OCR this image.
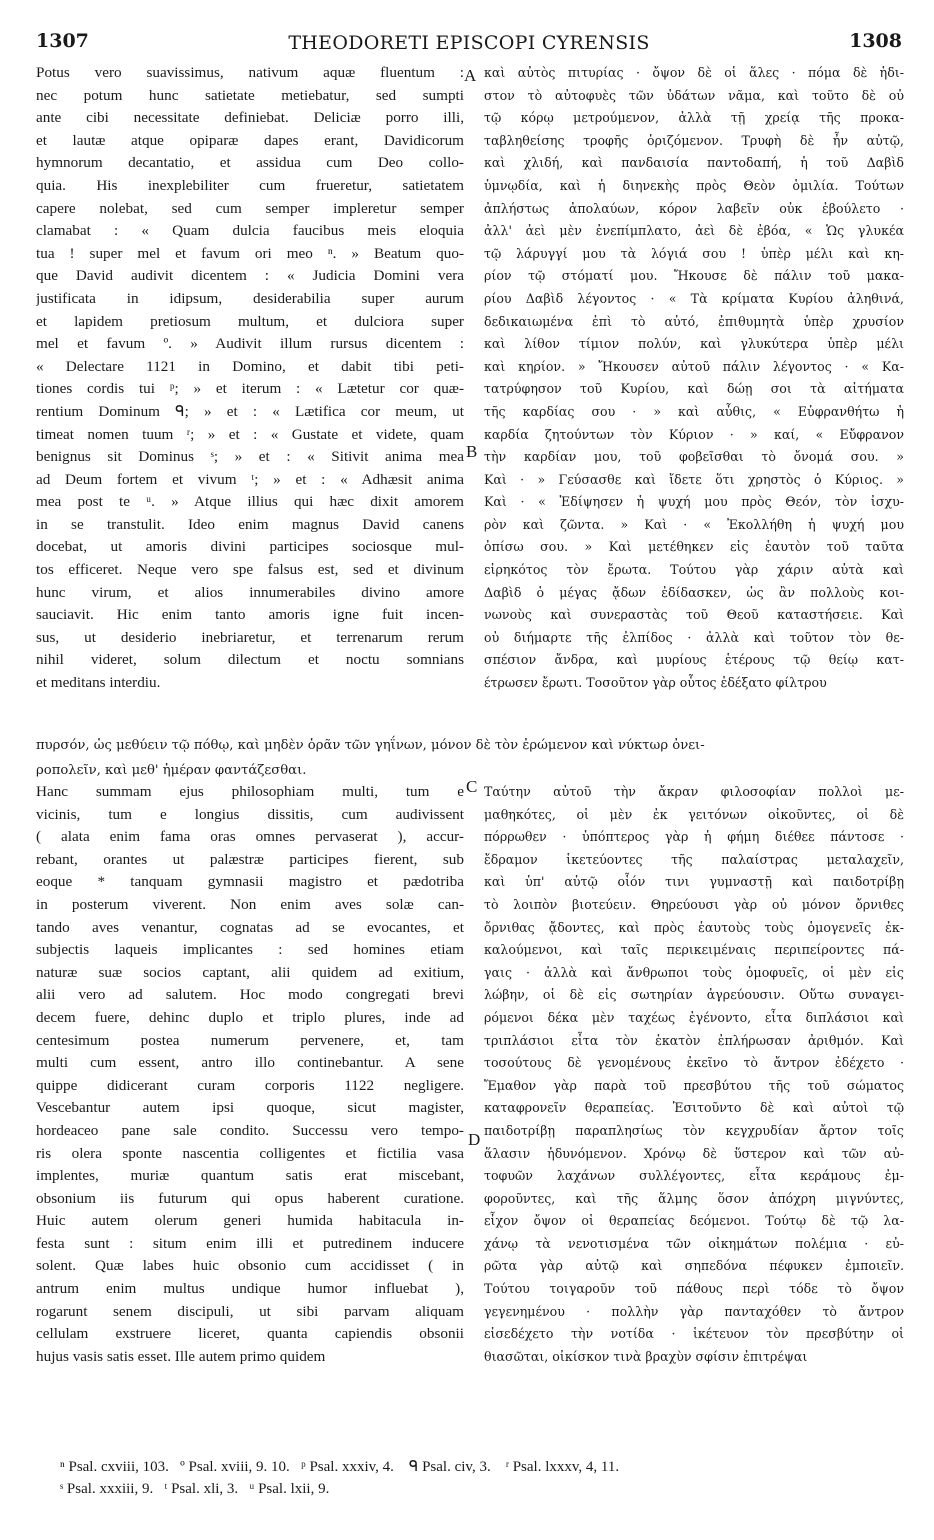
1307	THEODORETI EPISCOPI CYRENSIS	1308
Potus vero suavissimus, nativum aquæ fluentum :
nec potum hunc satietate metiebatur, sed sumpti
ante cibi necessitate definiebat. Deliciæ porro illi,
et lautæ atque opiparæ dapes erant, Davidicorum
hymnorum decantatio, et assidua cum Deo collo-
quia. His inexplebiliter cum frueretur, satietatem
capere nolebat, sed cum semper impleretur semper
clamabat : « Quam dulcia faucibus meis eloquia
tua ! super mel et favum ori meo ⁿ. » Beatum quo-
que David audivit dicentem : « Judicia Domini vera
justificata in idipsum, desiderabilia super aurum
et lapidem pretiosum multum, et dulciora super
mel et favum º. » Audivit illum rursus dicentem :
« Delectare 1121 in Domino, et dabit tibi peti-
tiones cordis tui ᵖ; » et iterum : « Lætetur cor quæ-
rentium Dominum ᑫ; » et : « Lætifica cor meum, ut
timeat nomen tuum ʳ; » et : « Gustate et videte, quam
benignus sit Dominus ˢ; » et : « Sitivit anima mea
ad Deum fortem et vivum ᵗ; » et : « Adhæsit anima
mea post te ᵘ. » Atque illius qui hæc dixit amorem
in se transtulit. Ideo enim magnus David canens
docebat, ut amoris divini participes sociosque mul-
tos efficeret. Neque vero spe falsus est, sed et divinum
hunc virum, et alios innumerabiles divino amore
sauciavit. Hic enim tanto amoris igne fuit incen-
sus, ut desiderio inebriaretur, et terrenarum rerum
nihil videret, solum dilectum et noctu somnians
et meditans interdiu.
καὶ αὐτὸς πιτυρίας · ὄψον δὲ οἱ ἅλες · πόμα δὲ ἡδι-
στον τὸ αὐτοφυὲς τῶν ὑδάτων νᾶμα, καὶ τοῦτο δὲ οὐ
τῷ κόρῳ μετρούμενον, ἀλλὰ τῇ χρείᾳ τῆς προκα-
ταβληθείσης τροφῆς ὁριζόμενον. Τρυφὴ δὲ ἦν αὐτῷ,
καὶ χλιδή, καὶ πανδαισία παντοδαπή, ἡ τοῦ Δαβὶδ
ὑμνῳδία, καὶ ἡ διηνεκὴς πρὸς Θεὸν ὁμιλία. Τούτων
ἀπλήστως ἀπολαύων, κόρον λαβεῖν οὐκ ἐβούλετο ·
ἀλλ' ἀεὶ μὲν ἐνεπίμπλατο, ἀεὶ δὲ ἐβόα, « Ὡς γλυκέα
τῷ λάρυγγί μου τὰ λόγιά σου ! ὑπὲρ μέλι καὶ κη-
ρίον τῷ στόματί μου. Ἤκουσε δὲ πάλιν τοῦ μακα-
ρίου Δαβὶδ λέγοντος · « Τὰ κρίματα Κυρίου ἀληθινά,
δεδικαιωμένα ἐπὶ τὸ αὐτό, ἐπιθυμητὰ ὑπὲρ χρυσίον
καὶ λίθον τίμιον πολύν, καὶ γλυκύτερα ὑπὲρ μέλι
καὶ κηρίον. » Ἤκουσεν αὐτοῦ πάλιν λέγοντος · « Κα-
τατρύφησον τοῦ Κυρίου, καὶ δώῃ σοι τὰ αἰτήματα
τῆς καρδίας σου · » καὶ αὖθις, « Εὐφρανθήτω ἡ
καρδία ζητούντων τὸν Κύριον · » καί, « Εὔφρανον
τὴν καρδίαν μου, τοῦ φοβεῖσθαι τὸ ὄνομά σου. »
Καὶ · » Γεύσασθε καὶ ἴδετε ὅτι χρηστὸς ὁ Κύριος. »
Καὶ · « Ἐδίψησεν ἡ ψυχή μου πρὸς Θεόν, τὸν ἰσχυ-
ρὸν καὶ ζῶντα. » Καὶ · « Ἐκολλήθη ἡ ψυχή μου
ὀπίσω σου. » Καὶ μετέθηκεν εἰς ἑαυτὸν τοῦ ταῦτα
εἰρηκότος τὸν ἔρωτα. Τούτου γὰρ χάριν αὐτὰ καὶ
Δαβὶδ ὁ μέγας ᾄδων ἐδίδασκεν, ὡς ἂν πολλοὺς κοι-
νωνοὺς καὶ συνεραστὰς τοῦ Θεοῦ καταστήσειε. Καὶ
οὐ διήμαρτε τῆς ἐλπίδος · ἀλλὰ καὶ τοῦτον τὸν θε-
σπέσιον ἄνδρα, καὶ μυρίους ἑτέρους τῷ θείῳ κατ-
έτρωσεν ἔρωτι. Τοσοῦτον γὰρ οὗτος ἐδέξατο φίλτρου
A
B
C
D
πυρσόν, ὡς μεθύειν τῷ πόθῳ, καὶ μηδὲν ὁρᾶν τῶν γηΐνων, μόνον δὲ τὸν ἐρώμενον καὶ νύκτωρ ὀνει-
ροπολεῖν, καὶ μεθ' ἡμέραν φαντάζεσθαι.
Hanc summam ejus philosophiam multi, tum e
vicinis, tum e longius dissitis, cum audivissent
( alata enim fama oras omnes pervaserat ), accur-
rebant, orantes ut palæstræ participes fierent, sub
eoque * tanquam gymnasii magistro et pædotriba
in posterum viverent. Non enim aves solæ can-
tando aves venantur, cognatas ad se evocantes, et
subjectis laqueis implicantes : sed homines etiam
naturæ suæ socios captant, alii quidem ad exitium,
alii vero ad salutem. Hoc modo congregati brevi
decem fuere, dehinc duplo et triplo plures, inde ad
centesimum postea numerum pervenere, et, tam
multi cum essent, antro illo continebantur. A sene
quippe didicerant curam corporis 1122 negligere.
Vescebantur autem ipsi quoque, sicut magister,
hordeaceo pane sale condito. Successu vero tempo-
ris olera sponte nascentia colligentes et fictilia vasa
implentes, muriæ quantum satis erat miscebant,
obsonium iis futurum qui opus haberent curatione.
Huic autem olerum generi humida habitacula in-
festa sunt : situm enim illi et putredinem inducere
solent. Quæ labes huic obsonio cum accidisset ( in
antrum enim multus undique humor influebat ),
rogarunt senem discipuli, ut sibi parvam aliquam
cellulam exstruere liceret, quanta capiendis obsonii
hujus vasis satis esset. Ille autem primo quidem
Ταύτην αὐτοῦ τὴν ἄκραν φιλοσοφίαν πολλοὶ με-
μαθηκότες, οἱ μὲν ἐκ γειτόνων οἰκοῦντες, οἱ δὲ
πόρρωθεν · ὑπόπτερος γὰρ ἡ φήμη διέθεε πάντοσε ·
ἔδραμον ἱκετεύοντες τῆς παλαίστρας μεταλαχεῖν,
καὶ ὑπ' αὐτῷ οἷόν τινι γυμναστῇ καὶ παιδοτρίβῃ
τὸ λοιπὸν βιοτεύειν. Θηρεύουσι γὰρ οὐ μόνον ὄρνιθες
ὄρνιθας ᾄδοντες, καὶ πρὸς ἑαυτοὺς τοὺς ὁμογενεῖς ἐκ-
καλούμενοι, καὶ ταῖς περικειμέναις περιπείροντες πά-
γαις · ἀλλὰ καὶ ἄνθρωποι τοὺς ὁμοφυεῖς, οἱ μὲν εἰς
λώβην, οἱ δὲ εἰς σωτηρίαν ἀγρεύουσιν. Οὕτω συναγει-
ρόμενοι δέκα μὲν ταχέως ἐγένοντο, εἶτα διπλάσιοι καὶ
τριπλάσιοι εἶτα τὸν ἑκατὸν ἐπλήρωσαν ἀριθμόν. Καὶ
τοσούτους δὲ γενομένους ἐκεῖνο τὸ ἄντρον ἐδέχετο ·
Ἔμαθον γὰρ παρὰ τοῦ πρεσβύτου τῆς τοῦ σώματος
καταφρονεῖν θεραπείας. Ἐσιτοῦντο δὲ καὶ αὐτοὶ τῷ
παιδοτρίβῃ παραπλησίως τὸν κεγχρυδίαν ἄρτον τοῖς
ἅλασιν ἡδυνόμενον. Χρόνῳ δὲ ὕστερον καὶ τῶν αὐ-
τοφυῶν λαχάνων συλλέγοντες, εἶτα κεράμους ἐμ-
φοροῦντες, καὶ τῆς ἅλμης ὅσον ἀπόχρη μιγνύντες,
εἶχον ὄψον οἱ θεραπείας δεόμενοι. Τούτῳ δὲ τῷ λα-
χάνῳ τὰ νενοτισμένα τῶν οἰκημάτων πολέμια · εὐ-
ρῶτα γὰρ αὐτῷ καὶ σηπεδόνα πέφυκεν ἐμποιεῖν.
Τούτου τοιγαροῦν τοῦ πάθους περὶ τόδε τὸ ὄψον
γεγενημένου · πολλὴν γὰρ πανταχόθεν τὸ ἄντρον
εἰσεδέχετο τὴν νοτίδα · ἱκέτευον τὸν πρεσβύτην οἱ
θιασῶται, οἰκίσκον τινὰ βραχὺν σφίσιν ἐπιτρέψαι
ⁿ Psal. cxviii, 103.   º Psal. xviii, 9. 10.   ᵖ Psal. xxxiv, 4.    ᑫ Psal. civ, 3.    ʳ Psal. lxxxv, 4, 11.
ˢ Psal. xxxiii, 9.   ᵗ Psal. xli, 3.   ᵘ Psal. lxii, 9.
